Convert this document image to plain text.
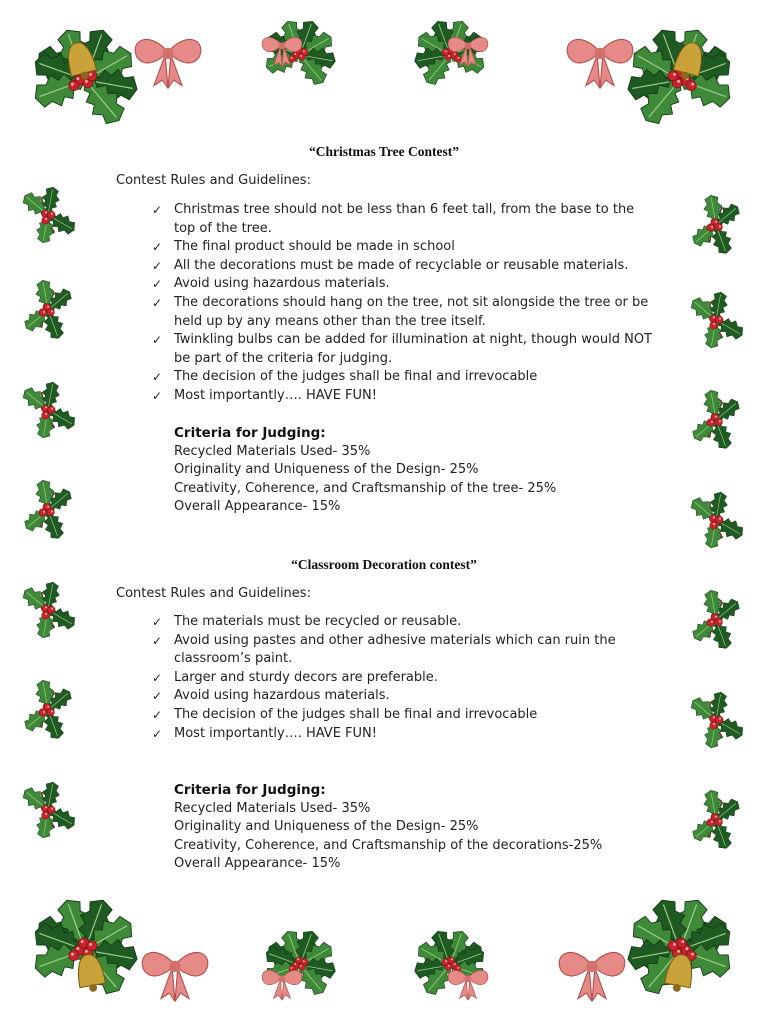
“Christmas Tree Contest”
Contest Rules and Guidelines:
✓ Christmas tree should not be less than 6 feet tall, from the base to the top of the tree.
✓ The final product should be made in school
✓ All the decorations must be made of recyclable or reusable materials.
✓ Avoid using hazardous materials.
✓ The decorations should hang on the tree, not sit alongside the tree or be held up by any means other than the tree itself.
✓ Twinkling bulbs can be added for illumination at night, though would NOT be part of the criteria for judging.
✓ The decision of the judges shall be final and irrevocable
✓ Most importantly…. HAVE FUN!
Criteria for Judging:
Recycled Materials Used- 35%
Originality and Uniqueness of the Design- 25%
Creativity, Coherence, and Craftsmanship of the tree- 25%
Overall Appearance- 15%
“Classroom Decoration contest”
Contest Rules and Guidelines:
✓ The materials must be recycled or reusable.
✓ Avoid using pastes and other adhesive materials which can ruin the classroom’s paint.
✓ Larger and sturdy decors are preferable.
✓ Avoid using hazardous materials.
✓ The decision of the judges shall be final and irrevocable
✓ Most importantly…. HAVE FUN!
Criteria for Judging:
Recycled Materials Used- 35%
Originality and Uniqueness of the Design- 25%
Creativity, Coherence, and Craftsmanship of the decorations-25%
Overall Appearance- 15%
